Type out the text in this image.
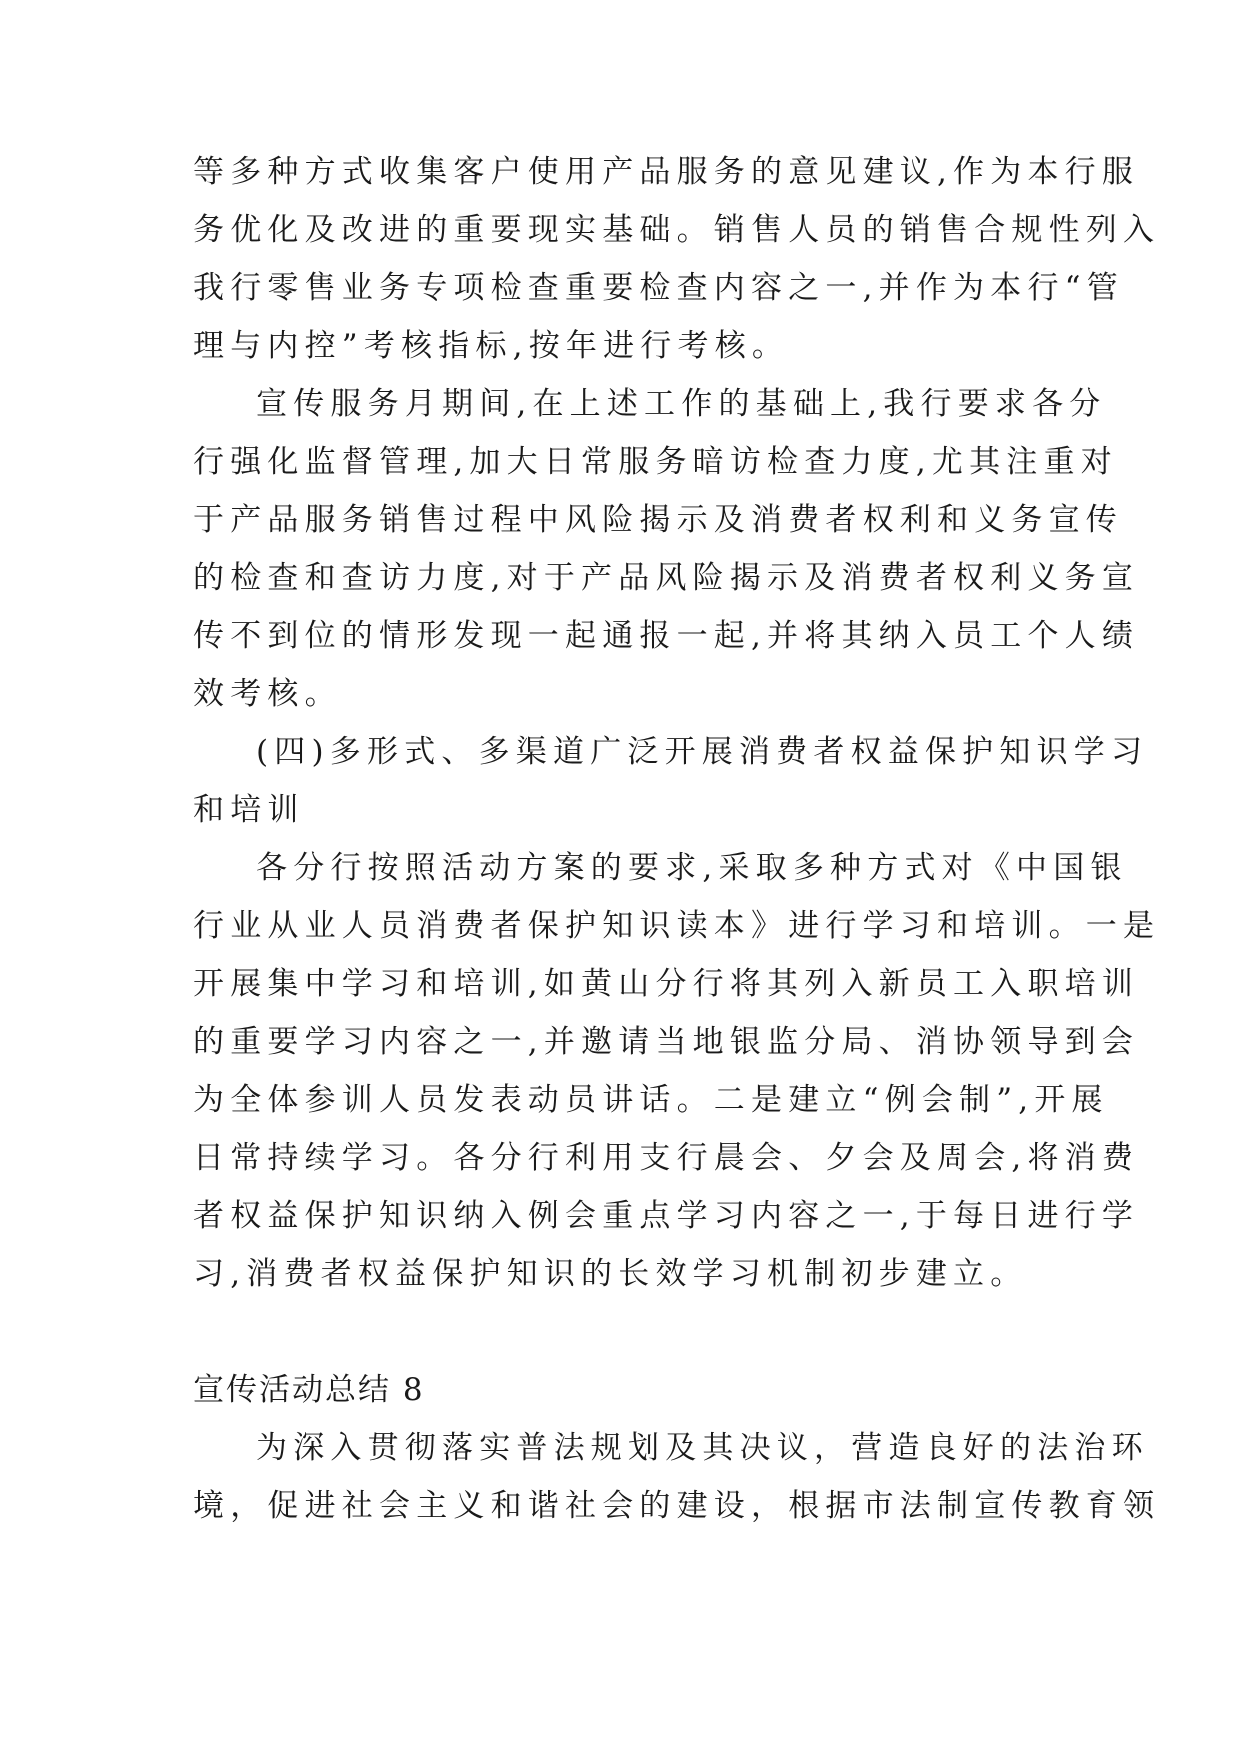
等多种方式收集客户使用产品服务的意见建议,作为本行服
务优化及改进的重要现实基础。销售人员的销售合规性列入
我行零售业务专项检查重要检查内容之一,并作为本行“管
理与内控”考核指标,按年进行考核。
宣传服务月期间,在上述工作的基础上,我行要求各分
行强化监督管理,加大日常服务暗访检查力度,尤其注重对
于产品服务销售过程中风险揭示及消费者权利和义务宣传
的检查和查访力度,对于产品风险揭示及消费者权利义务宣
传不到位的情形发现一起通报一起,并将其纳入员工个人绩
效考核。
(四)多形式、多渠道广泛开展消费者权益保护知识学习
和培训
各分行按照活动方案的要求,采取多种方式对《中国银
行业从业人员消费者保护知识读本》进行学习和培训。一是
开展集中学习和培训,如黄山分行将其列入新员工入职培训
的重要学习内容之一,并邀请当地银监分局、消协领导到会
为全体参训人员发表动员讲话。二是建立“例会制”,开展
日常持续学习。各分行利用支行晨会、夕会及周会,将消费
者权益保护知识纳入例会重点学习内容之一,于每日进行学
习,消费者权益保护知识的长效学习机制初步建立。
宣传活动总结 8
为深入贯彻落实普法规划及其决议，营造良好的法治环
境，促进社会主义和谐社会的建设，根据市法制宣传教育领
